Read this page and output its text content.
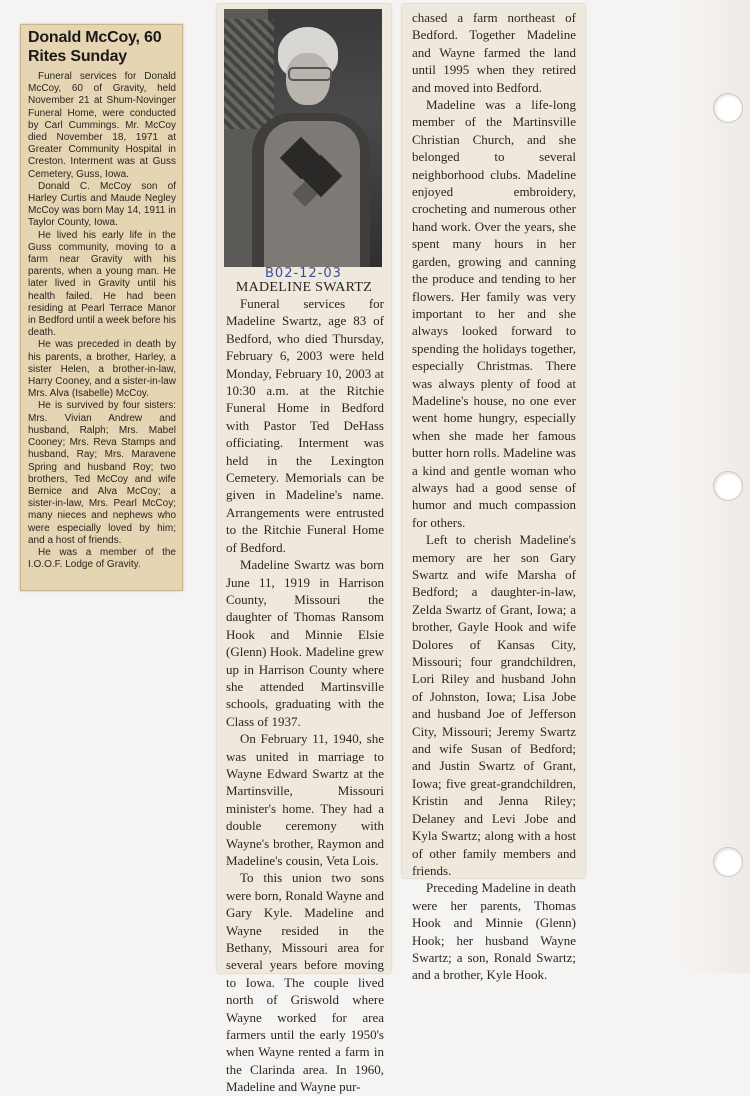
Donald McCoy, 60 Rites Sunday

Funeral services for Donald McCoy, 60 of Gravity, held November 21 at Shum-Novinger Funeral Home, were conducted by Carl Cummings. Mr. McCoy died November 18, 1971 at Greater Community Hospital in Creston. Interment was at Guss Cemetery, Guss, Iowa.

Donald C. McCoy son of Harley Curtis and Maude Negley McCoy was born May 14, 1911 in Taylor County, Iowa.

He lived his early life in the Guss community, moving to a farm near Gravity with his parents, when a young man. He later lived in Gravity until his health failed. He had been residing at Pearl Terrace Manor in Bedford until a week before his death.

He was preceded in death by his parents, a brother, Harley, a sister Helen, a brother-in-law, Harry Cooney, and a sister-in-law Mrs. Alva (Isabelle) McCoy.

He is survived by four sisters: Mrs. Vivian Andrew and husband, Ralph; Mrs. Mabel Cooney; Mrs. Reva Stamps and husband, Ray; Mrs. Maravene Spring and husband Roy; two brothers, Ted McCoy and wife Bernice and Alva McCoy; a sister-in-law, Mrs. Pearl McCoy; many nieces and nephews who were especially loved by him; and a host of friends.

He was a member of the I.O.O.F. Lodge of Gravity.

B02-12-03
MADELINE SWARTZ

Funeral services for Madeline Swartz, age 83 of Bedford, who died Thursday, February 6, 2003 were held Monday, February 10, 2003 at 10:30 a.m. at the Ritchie Funeral Home in Bedford with Pastor Ted DeHass officiating. Interment was held in the Lexington Cemetery. Memorials can be given in Madeline's name. Arrangements were entrusted to the Ritchie Funeral Home of Bedford.

Madeline Swartz was born June 11, 1919 in Harrison County, Missouri the daughter of Thomas Ransom Hook and Minnie Elsie (Glenn) Hook. Madeline grew up in Harrison County where she attended Martinsville schools, graduating with the Class of 1937.

On February 11, 1940, she was united in marriage to Wayne Edward Swartz at the Martinsville, Missouri minister's home. They had a double ceremony with Wayne's brother, Raymon and Madeline's cousin, Veta Lois.

To this union two sons were born, Ronald Wayne and Gary Kyle. Madeline and Wayne resided in the Bethany, Missouri area for several years before moving to Iowa. The couple lived north of Griswold where Wayne worked for area farmers until the early 1950's when Wayne rented a farm in the Clarinda area. In 1960, Madeline and Wayne pur-

chased a farm northeast of Bedford. Together Madeline and Wayne farmed the land until 1995 when they retired and moved into Bedford.

Madeline was a life-long member of the Martinsville Christian Church, and she belonged to several neighborhood clubs. Madeline enjoyed embroidery, crocheting and numerous other hand work. Over the years, she spent many hours in her garden, growing and canning the produce and tending to her flowers. Her family was very important to her and she always looked forward to spending the holidays together, especially Christmas. There was always plenty of food at Madeline's house, no one ever went home hungry, especially when she made her famous butter horn rolls. Madeline was a kind and gentle woman who always had a good sense of humor and much compassion for others.

Left to cherish Madeline's memory are her son Gary Swartz and wife Marsha of Bedford; a daughter-in-law, Zelda Swartz of Grant, Iowa; a brother, Gayle Hook and wife Dolores of Kansas City, Missouri; four grandchildren, Lori Riley and husband John of Johnston, Iowa; Lisa Jobe and husband Joe of Jefferson City, Missouri; Jeremy Swartz and wife Susan of Bedford; and Justin Swartz of Grant, Iowa; five great-grandchildren, Kristin and Jenna Riley; Delaney and Levi Jobe and Kyla Swartz; along with a host of other family members and friends.

Preceding Madeline in death were her parents, Thomas Hook and Minnie (Glenn) Hook; her husband Wayne Swartz; a son, Ronald Swartz; and a brother, Kyle Hook.
